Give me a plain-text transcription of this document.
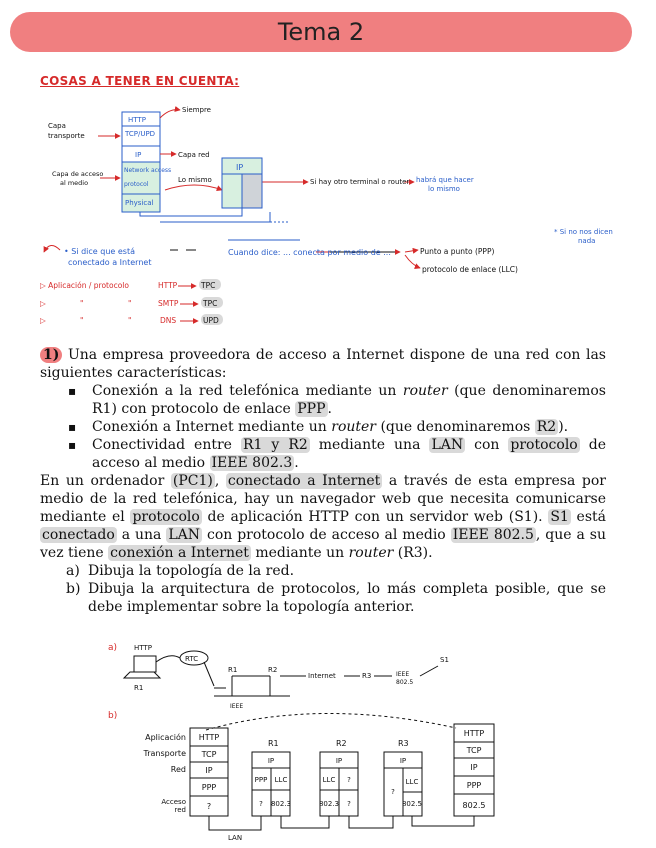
Tema 2
COSAS A TENER EN CUENTA:
HTTP
TCP/UPD
IP
Network access
protocol
Physical
IP
Siempre
Capa
transporte
Capa red
Capa de acceso
al medio	Lo mismo	Si hay otro terminal o router habrá que hacer
lo mismo
* Si no nos dicen
nada
• Si dice que está
conectado a Internet
Cuando dice: ... conecta por medio de ...	Punto a punto (PPP)
protocolo de enlace (LLC)
▷ Aplicación / protocolo	HTTP	TPC
▷	"	"	SMTP	TPC
▷	"	"	DNS	UPD

1) Una empresa proveedora de acceso a Internet dispone de una red con las siguientes características:

▪ Conexión a la red telefónica mediante un router (que denominaremos R1) con protocolo de enlace PPP .
▪ Conexión a Internet mediante un router (que denominaremos R2 ).
▪ Conectividad entre R1 y R2 mediante una LAN con protocolo de acceso al medio IEEE 802.3 .

En un ordenador (PC1) , conectado a Internet a través de esta empresa por medio de la red telefónica, hay un navegador web que necesita comunicarse mediante el protocolo de aplicación HTTP con un servidor web (S1). S1 está conectado a una LAN con protocolo de acceso al medio IEEE 802.5 , que a su vez tiene conexión a Internet mediante un router (R3).

a) Dibuja la topología de la red.
b) Dibuja la arquitectura de protocolos, lo más completa posible, que se debe implementar sobre la topología anterior.
a) HTTP
RTC
R1
R1	R2
Internet	R3	IEEE
802.5
S1
IEEE
b)
Aplicación
Transporte
Red
Acceso
red
HTTP
TCP
IP
PPP
?
R1
IP
PPP LLC
? 802.3
R2
IP
LLC ?
802.3 ?
R3
IP
?
LLC
802.5
HTTP
TCP
IP
PPP
802.5
LAN
